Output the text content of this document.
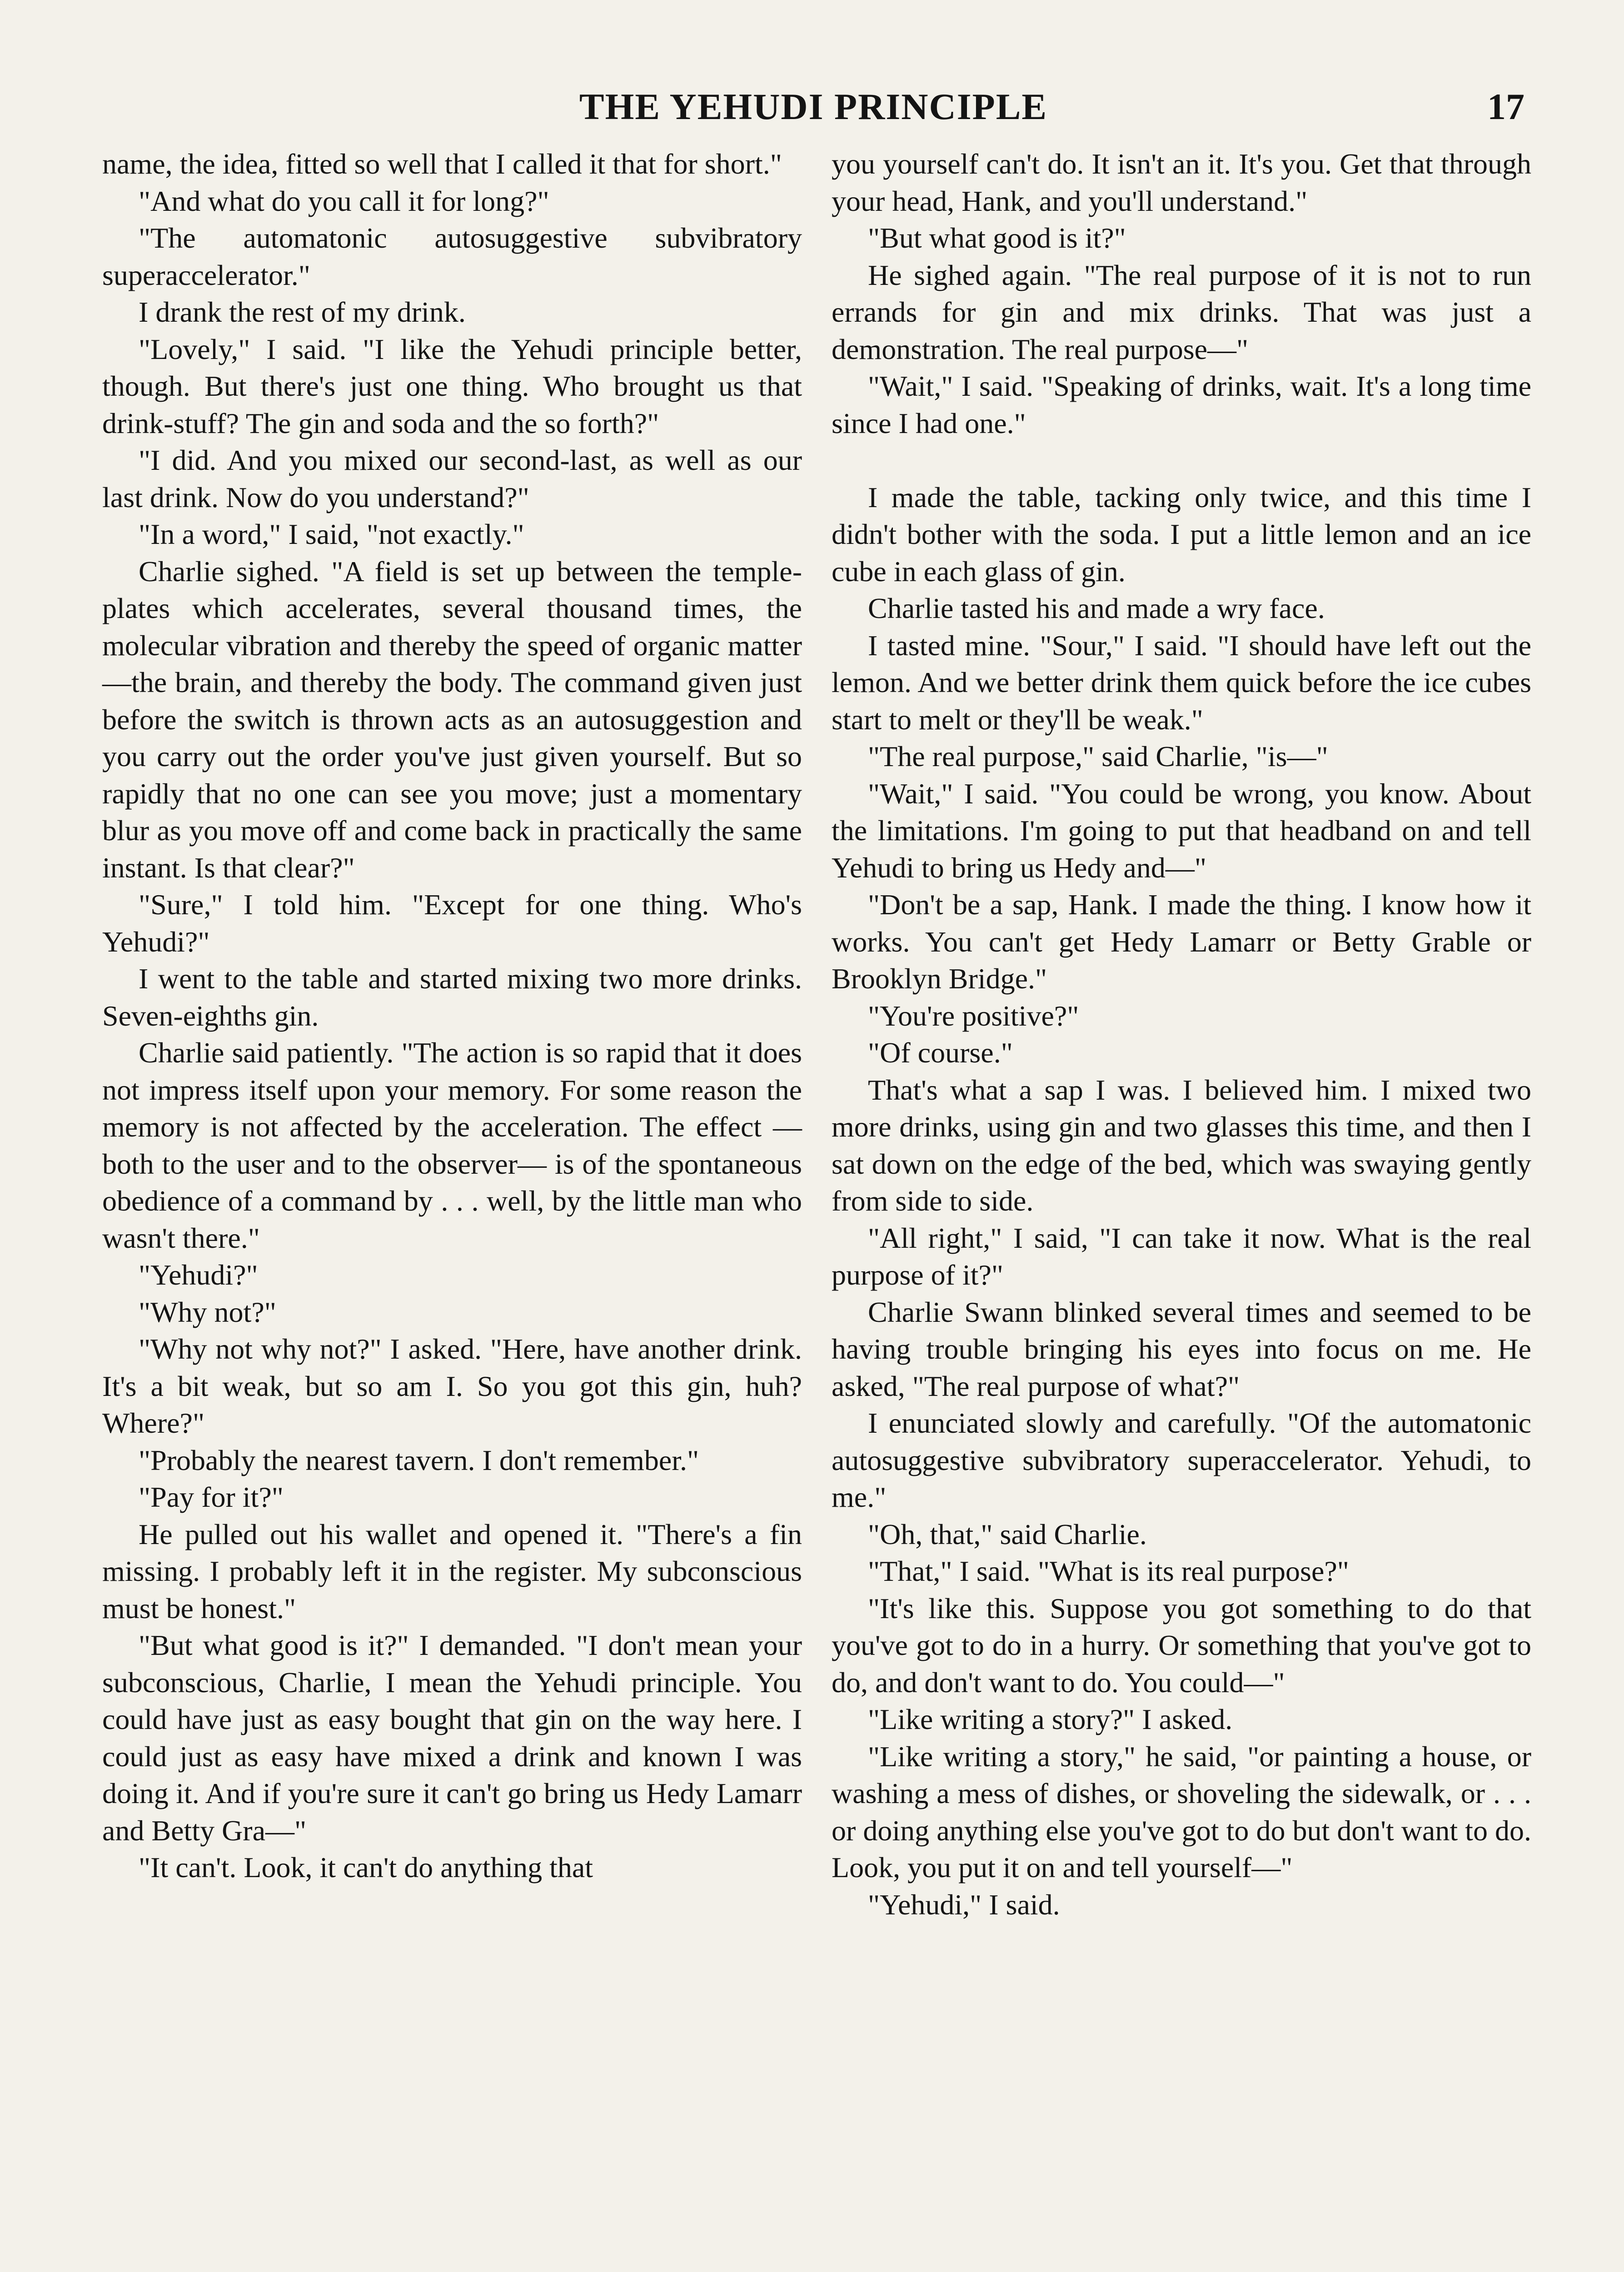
THE YEHUDI PRINCIPLE	17

name, the idea, fitted so well that I called it that for short."

"And what do you call it for long?"

"The automatonic autosuggestive subvibratory superaccelerator."

I drank the rest of my drink.

"Lovely," I said. "I like the Yehudi principle better, though. But there's just one thing. Who brought us that drink-stuff? The gin and soda and the so forth?"

"I did. And you mixed our second-last, as well as our last drink. Now do you understand?"

"In a word," I said, "not exactly."

Charlie sighed. "A field is set up between the temple-plates which accelerates, several thousand times, the molecular vibration and thereby the speed of organic matter—the brain, and thereby the body. The command given just before the switch is thrown acts as an autosuggestion and you carry out the order you've just given yourself. But so rapidly that no one can see you move; just a momentary blur as you move off and come back in practically the same instant. Is that clear?"

"Sure," I told him. "Except for one thing. Who's Yehudi?"

I went to the table and started mixing two more drinks. Seven-eighths gin.

Charlie said patiently. "The action is so rapid that it does not impress itself upon your memory. For some reason the memory is not affected by the acceleration. The effect —both to the user and to the observer— is of the spontaneous obedience of a command by . . . well, by the little man who wasn't there."

"Yehudi?"

"Why not?"

"Why not why not?" I asked. "Here, have another drink. It's a bit weak, but so am I. So you got this gin, huh? Where?"

"Probably the nearest tavern. I don't remember."

"Pay for it?"

He pulled out his wallet and opened it. "There's a fin missing. I probably left it in the register. My subconscious must be honest."

"But what good is it?" I demanded. "I don't mean your subconscious, Charlie, I mean the Yehudi principle. You could have just as easy bought that gin on the way here. I could just as easy have mixed a drink and known I was doing it. And if you're sure it can't go bring us Hedy Lamarr and Betty Gra—"

"It can't. Look, it can't do anything that

you yourself can't do. It isn't an it. It's you. Get that through your head, Hank, and you'll understand."

"But what good is it?"

He sighed again. "The real purpose of it is not to run errands for gin and mix drinks. That was just a demonstration. The real purpose—"

"Wait," I said. "Speaking of drinks, wait. It's a long time since I had one."

I made the table, tacking only twice, and this time I didn't bother with the soda. I put a little lemon and an ice cube in each glass of gin.

Charlie tasted his and made a wry face.

I tasted mine. "Sour," I said. "I should have left out the lemon. And we better drink them quick before the ice cubes start to melt or they'll be weak."

"The real purpose," said Charlie, "is—"

"Wait," I said. "You could be wrong, you know. About the limitations. I'm going to put that headband on and tell Yehudi to bring us Hedy and—"

"Don't be a sap, Hank. I made the thing. I know how it works. You can't get Hedy Lamarr or Betty Grable or Brooklyn Bridge."

"You're positive?"

"Of course."

That's what a sap I was. I believed him. I mixed two more drinks, using gin and two glasses this time, and then I sat down on the edge of the bed, which was swaying gently from side to side.

"All right," I said, "I can take it now. What is the real purpose of it?"

Charlie Swann blinked several times and seemed to be having trouble bringing his eyes into focus on me. He asked, "The real purpose of what?"

I enunciated slowly and carefully. "Of the automatonic autosuggestive subvibratory superaccelerator. Yehudi, to me."

"Oh, that," said Charlie.

"That," I said. "What is its real purpose?"

"It's like this. Suppose you got something to do that you've got to do in a hurry. Or something that you've got to do, and don't want to do. You could—"

"Like writing a story?" I asked.

"Like writing a story," he said, "or painting a house, or washing a mess of dishes, or shoveling the sidewalk, or . . . or doing anything else you've got to do but don't want to do. Look, you put it on and tell yourself—"

"Yehudi," I said.
